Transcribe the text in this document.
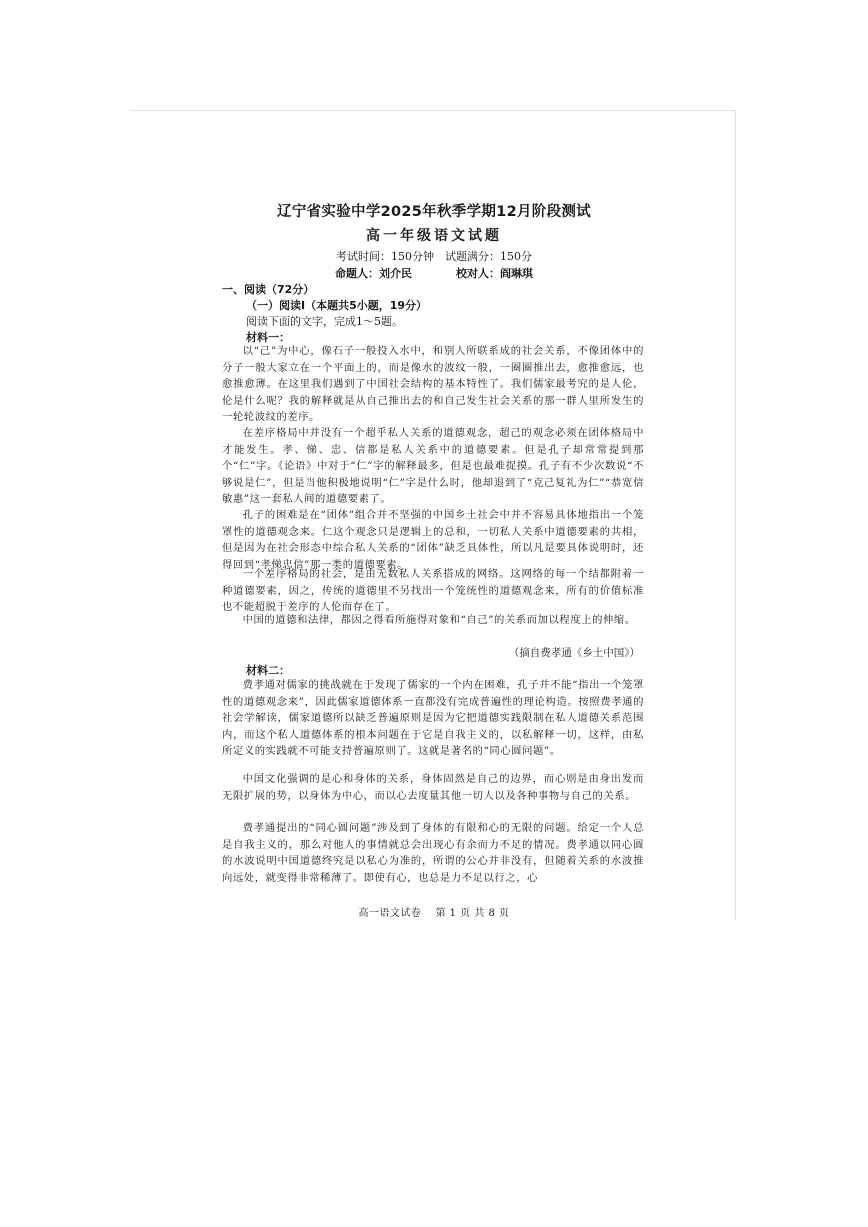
辽宁省实验中学2025年秋季学期12月阶段测试
高一年级语文试题
考试时间：150分钟　试题满分：150分
命题人：刘介民	校对人：阎琳琪
一、阅读（72分）
（一）阅读Ⅰ（本题共5小题，19分）
阅读下面的文字，完成1～5题。
材料一：
以“己”为中心，像石子一般投入水中，和别人所联系成的社会关系，不像团体中的分子一般大家立在一个平面上的，而是像水的波纹一般，一圈圈推出去，愈推愈远，也愈推愈薄。在这里我们遇到了中国社会结构的基本特性了。我们儒家最考究的是人伦，伦是什么呢？我的解释就是从自己推出去的和自己发生社会关系的那一群人里所发生的一轮轮波纹的差序。
在差序格局中并没有一个超乎私人关系的道德观念，超己的观念必须在团体格局中才能发生。孝、悌、忠、信都是私人关系中的道德要素。但是孔子却常常提到那个“仁”字。《论语》中对于“仁”字的解释最多，但是也最难捉摸。孔子有不少次数说“不够说是仁”，但是当他积极地说明“仁”字是什么时，他却退到了“克己复礼为仁”“恭宽信敏惠”这一套私人间的道德要素了。
孔子的困难是在“团体”组合并不坚强的中国乡土社会中并不容易具体地指出一个笼罩性的道德观念来。仁这个观念只是逻辑上的总和，一切私人关系中道德要素的共相，但是因为在社会形态中综合私人关系的“团体”缺乏具体性，所以凡是要具体说明时，还得回到“孝悌忠信”那一类的道德要素。
一个差序格局的社会，是由无数私人关系搭成的网络。这网络的每一个结都附着一种道德要素，因之，传统的道德里不另找出一个笼统性的道德观念来，所有的价值标准也不能超脱于差序的人伦而存在了。
中国的道德和法律，都因之得看所施得对象和“自己”的关系而加以程度上的伸缩。
（摘自费孝通《乡土中国》）
材料二：
费孝通对儒家的挑战就在于发现了儒家的一个内在困难，孔子并不能“指出一个笼罩性的道德观念来”，因此儒家道德体系一直都没有完成普遍性的理论构造。按照费孝通的社会学解读，儒家道德所以缺乏普遍原则是因为它把道德实践限制在私人道德关系范围内，而这个私人道德体系的根本问题在于它是自我主义的，以私解释一切，这样，由私所定义的实践就不可能支持普遍原则了。这就是著名的“同心圆问题”。
中国文化强调的是心和身体的关系，身体固然是自己的边界，而心则是由身出发而无限扩展的势，以身体为中心，而以心去度量其他一切人以及各种事物与自己的关系。
费孝通提出的“同心圆问题”涉及到了身体的有限和心的无限的问题。给定一个人总是自我主义的，那么对他人的事情就总会出现心有余而力不足的情况。费孝通以同心圆的水波说明中国道德终究是以私心为准的，所谓的公心并非没有，但随着关系的水波推向远处，就变得非常稀薄了。即使有心，也总是力不足以行之，心
高一语文试卷 第 1 页 共 8 页
